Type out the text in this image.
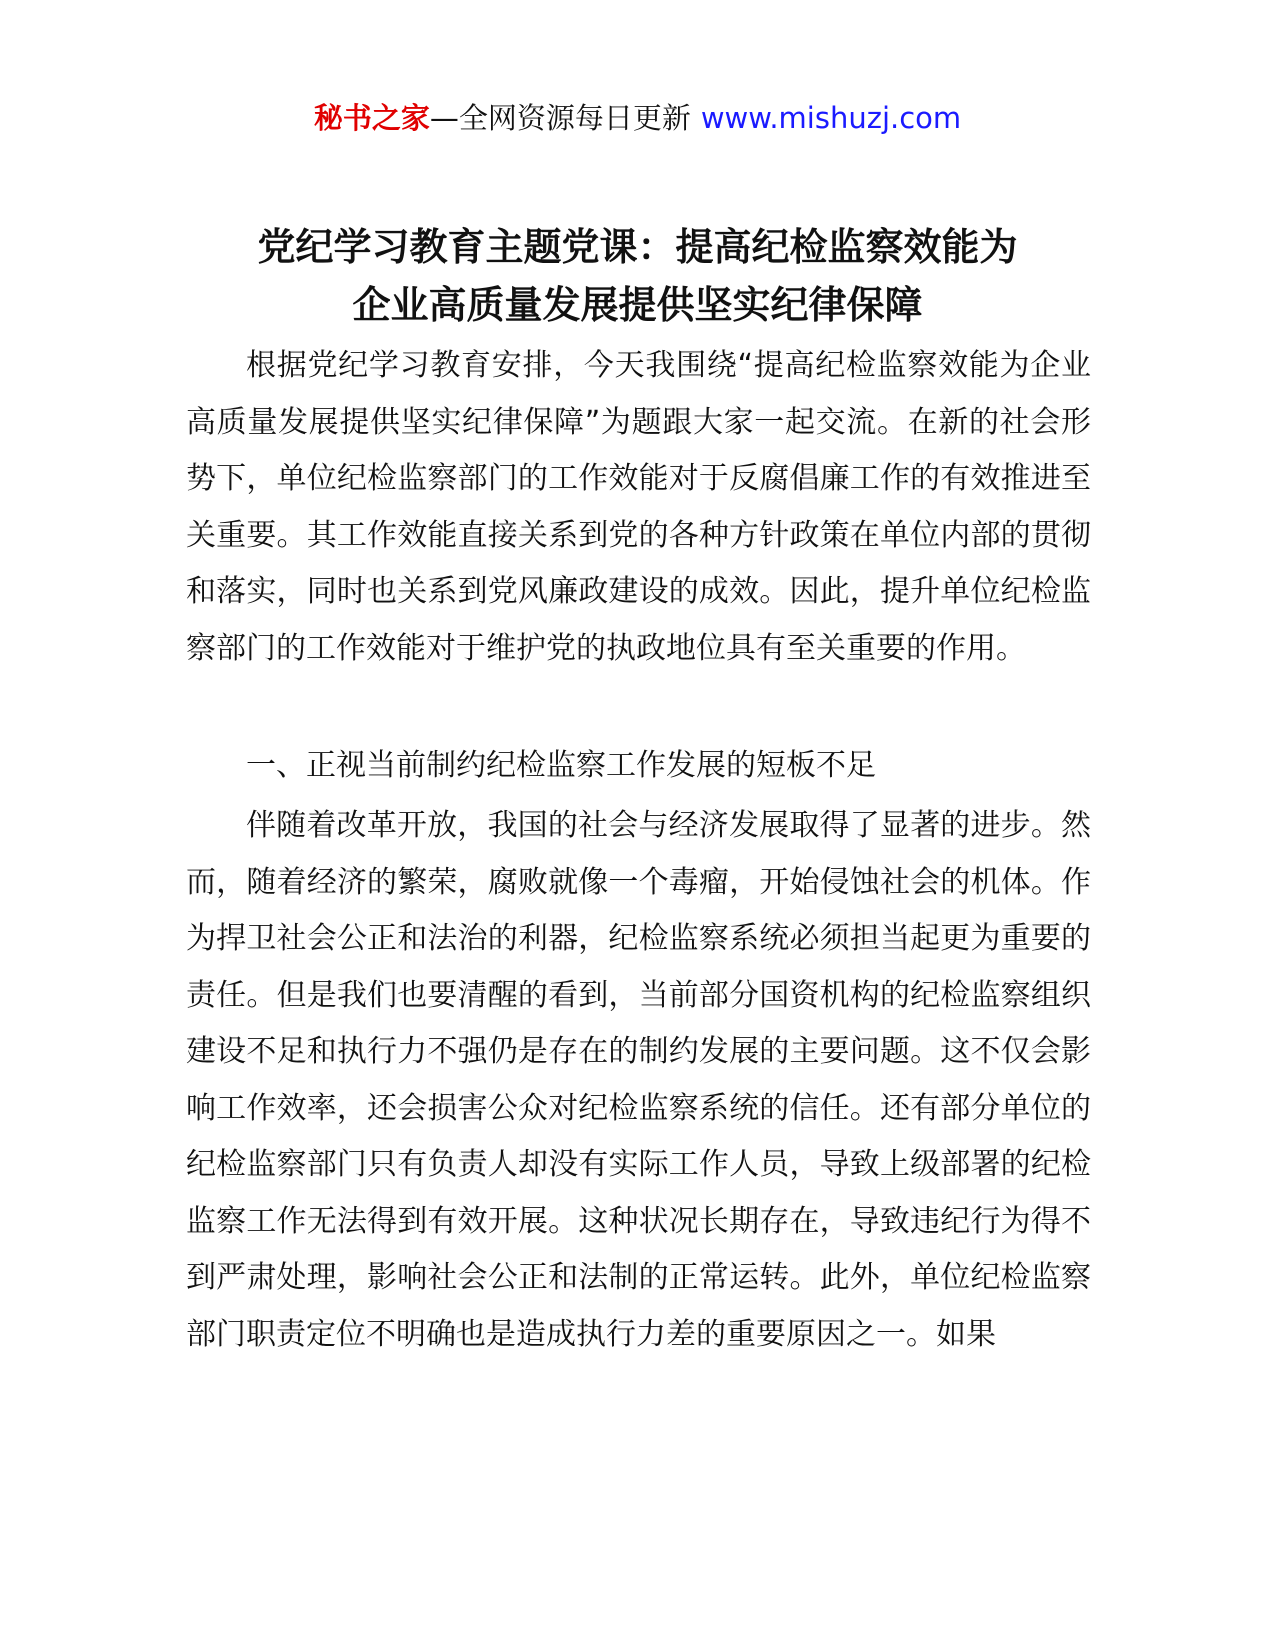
秘书之家—全网资源每日更新 www.mishuzj.com
党纪学习教育主题党课：提高纪检监察效能为
企业高质量发展提供坚实纪律保障

根据党纪学习教育安排，今天我围绕“提高纪检监察效能为企业高质量发展提供坚实纪律保障”为题跟大家一起交流。在新的社会形势下，单位纪检监察部门的工作效能对于反腐倡廉工作的有效推进至关重要。其工作效能直接关系到党的各种方针政策在单位内部的贯彻和落实，同时也关系到党风廉政建设的成效。因此，提升单位纪检监察部门的工作效能对于维护党的执政地位具有至关重要的作用。

一、正视当前制约纪检监察工作发展的短板不足

伴随着改革开放，我国的社会与经济发展取得了显著的进步。然而，随着经济的繁荣，腐败就像一个毒瘤，开始侵蚀社会的机体。作为捍卫社会公正和法治的利器，纪检监察系统必须担当起更为重要的责任。但是我们也要清醒的看到，当前部分国资机构的纪检监察组织建设不足和执行力不强仍是存在的制约发展的主要问题。这不仅会影响工作效率，还会损害公众对纪检监察系统的信任。还有部分单位的纪检监察部门只有负责人却没有实际工作人员，导致上级部署的纪检监察工作无法得到有效开展。这种状况长期存在，导致违纪行为得不到严肃处理，影响社会公正和法制的正常运转。此外，单位纪检监察部门职责定位不明确也是造成执行力差的重要原因之一。如果
